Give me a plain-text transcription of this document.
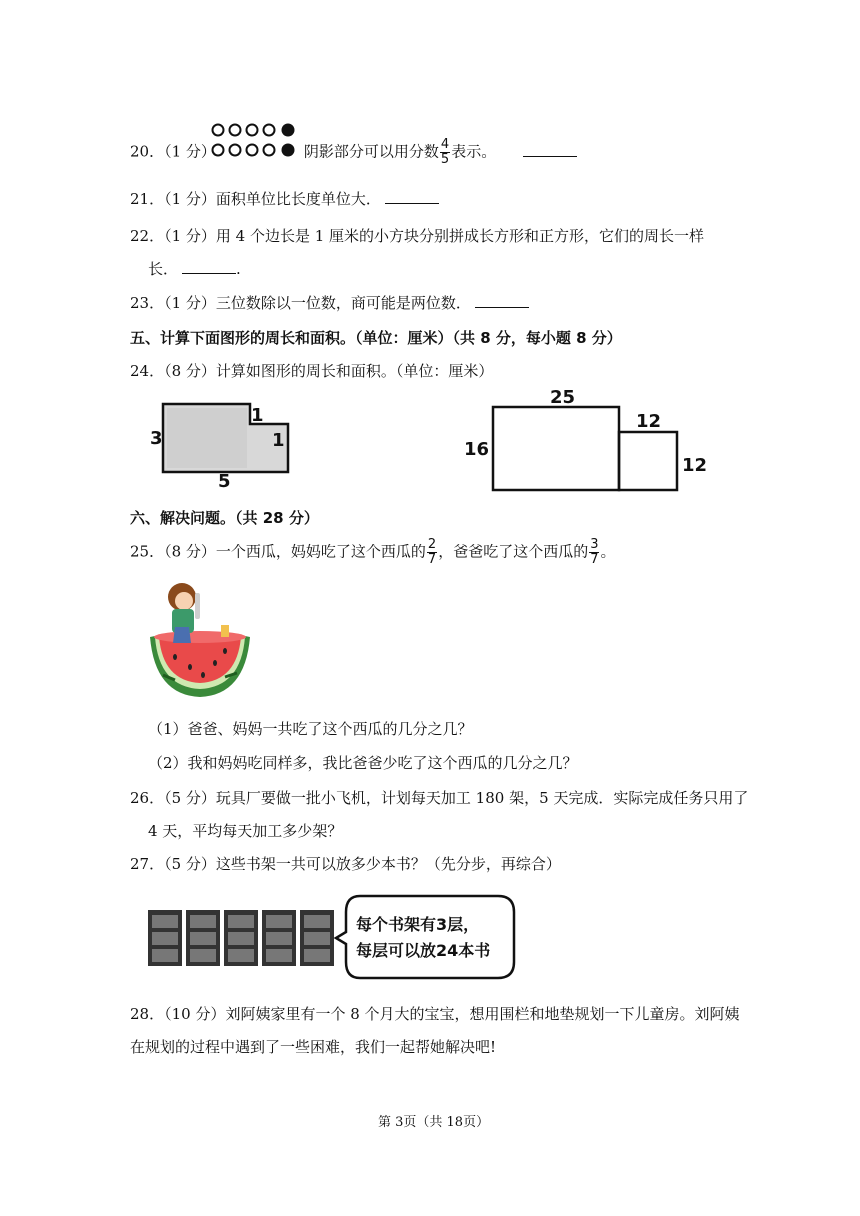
20．（1 分）	阴影部分可以用分数 $\frac{4}{5}$ 表示。
21．（1 分）面积单位比长度单位大．
22．（1 分）用 4 个边长是 1 厘米的小方块分别拼成长方形和正方形，它们的周长一样
长．	.
23．（1 分）三位数除以一位数，商可能是两位数．
五、计算下面图形的周长和面积。（单位：厘米）（共 8 分，每小题 8 分）
24．（8 分）计算如图形的周长和面积。（单位：厘米）
3
1
1
5
25
16
12
12
六、解决问题。（共 28 分）
25．（8 分）一个西瓜，妈妈吃了这个西瓜的 $\frac{2}{7}$ ，爸爸吃了这个西瓜的 $\frac{3}{7}$ 。
（1）爸爸、妈妈一共吃了这个西瓜的几分之几？
（2）我和妈妈吃同样多，我比爸爸少吃了这个西瓜的几分之几？
26．（5 分）玩具厂要做一批小飞机，计划每天加工 180 架，5 天完成．实际完成任务只用了
4 天，平均每天加工多少架？
27．（5 分）这些书架一共可以放多少本书？（先分步，再综合）
每个书架有3层，
每层可以放24本书
28．（10 分）刘阿姨家里有一个 8 个月大的宝宝，想用围栏和地垫规划一下儿童房。刘阿姨
在规划的过程中遇到了一些困难，我们一起帮她解决吧!
第 3页（共 18页）
